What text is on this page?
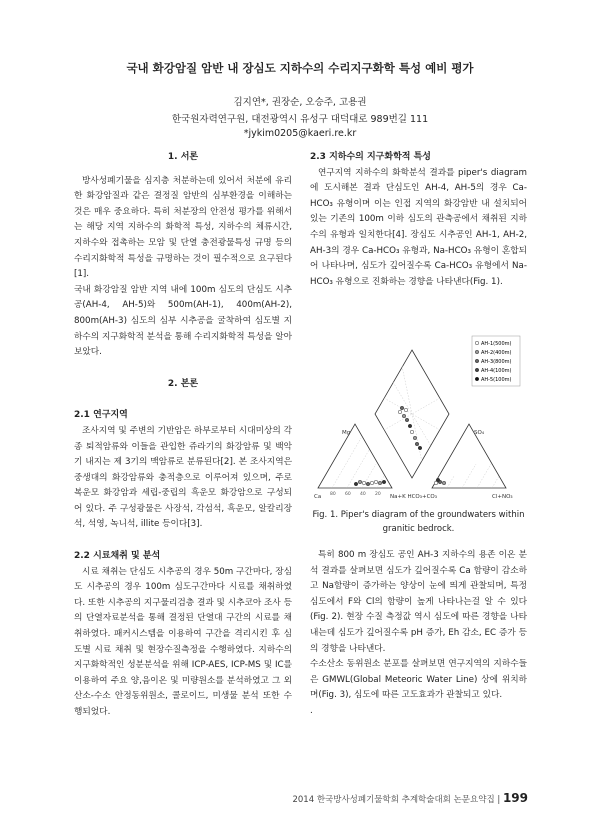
국내 화강암질 암반 내 장심도 지하수의 수리지구화학 특성 예비 평가
김지연*, 권장순, 오승주, 고용권
한국원자력연구원, 대전광역시 유성구 대덕대로 989번길 111
*jykim0205@kaeri.re.kr

1. 서론

방사성폐기물을 심지층 처분하는데 있어서 처분에 유리한 화강암질과 같은 결정질 암반의 심부환경을 이해하는 것은 매우 중요하다. 특히 처분장의 안전성 평가를 위해서는 해당 지역 지하수의 화학적 특성, 지하수의 체류시간, 지하수와 접촉하는 모암 및 단열 충전광물특성 규명 등의 수리지화학적 특성을 규명하는 것이 필수적으로 요구된다[1].

국내 화강암질 암반 지역 내에 100m 심도의 단심도 시추공(AH-4, AH-5)와 500m(AH-1), 400m(AH-2), 800m(AH-3) 심도의 심부 시추공을 굴착하여 심도별 지하수의 지구화학적 분석을 통해 수리지화학적 특성을 알아보았다.

2. 본론

2.1 연구지역

조사지역 및 주변의 기반암은 하부로부터 시대미상의 각종 퇴적암류와 이들을 관입한 쥬라기의 화강암류 및 백악기 내지는 제 3기의 맥암류로 분류된다[2]. 본 조사지역은 중생대의 화강암류와 충적층으로 이루어져 있으며, 주로 복운모 화강암과 세립-중립의 흑운모 화강암으로 구성되어 있다. 주 구성광물은 사장석, 각섬석, 흑운모, 알칼리장석, 석영, 녹니석, illite 등이다[3].

2.2 시료채취 및 분석

시료 채취는 단심도 시추공의 경우 50m 구간마다, 장심도 시추공의 경우 100m 심도구간마다 시료를 채취하였다. 또한 시추공의 지구물리검층 결과 및 시추코아 조사 등의 단열자료분석을 통해 결정된 단열대 구간의 시료를 채취하였다. 패커시스템을 이용하여 구간을 격리시킨 후 심도별 시료 채취 및 현장수질측정을 수행하였다. 지하수의 지구화학적인 성분분석을 위해 ICP-AES, ICP-MS 및 IC를 이용하여 주요 양,음이온 및 미량원소를 분석하였고 그 외 산소-수소 안정동위원소, 콜로이드, 미생물 분석 또한 수행되었다.

2.3 지하수의 지구화학적 특성

연구지역 지하수의 화학분석 결과를 piper's diagram에 도시해본 결과 단심도인 AH-4, AH-5의 경우 Ca-HCO₃ 유형이며 이는 인접 지역의 화강암반 내 설치되어 있는 기존의 100m 이하 심도의 관측공에서 채취된 지하수의 유형과 일치한다[4]. 장심도 시추공인 AH-1, AH-2, AH-3의 경우 Ca-HCO₃ 유형과, Na-HCO₃ 유형이 혼합되어 나타나며, 심도가 깊어질수록 Ca-HCO₃ 유형에서 Na-HCO₃ 유형으로 진화하는 경향을 나타낸다(Fig. 1).

AH-1(500m)
AH-2(400m)
AH-3(800m)
AH-4(100m)
AH-5(100m)
Mg	SO₄
Ca	Cl+NO₃
Na+K HCO₃+CO₃
80 60 40 20
Fig. 1. Piper's diagram of the groundwaters within granitic bedrock.

특히 800 m 장심도 공인 AH-3 지하수의 용존 이온 분석 결과를 살펴보면 심도가 깊어질수록 Ca 함량이 감소하고 Na함량이 증가하는 양상이 눈에 띄게 관찰되며, 특정 심도에서 F와 Cl의 함량이 높게 나타나는걸 알 수 있다(Fig. 2). 현장 수질 측정값 역시 심도에 따른 경향을 나타내는데 심도가 깊어질수록 pH 증가, Eh 감소, EC 증가 등의 경향을 나타낸다.

수소산소 동위원소 분포를 살펴보면 연구지역의 지하수들은 GMWL(Global Meteoric Water Line) 상에 위치하며(Fig. 3), 심도에 따른 고도효과가 관찰되고 있다.

.

2014 한국방사성폐기물학회 추계학술대회 논문요약집 | 199
